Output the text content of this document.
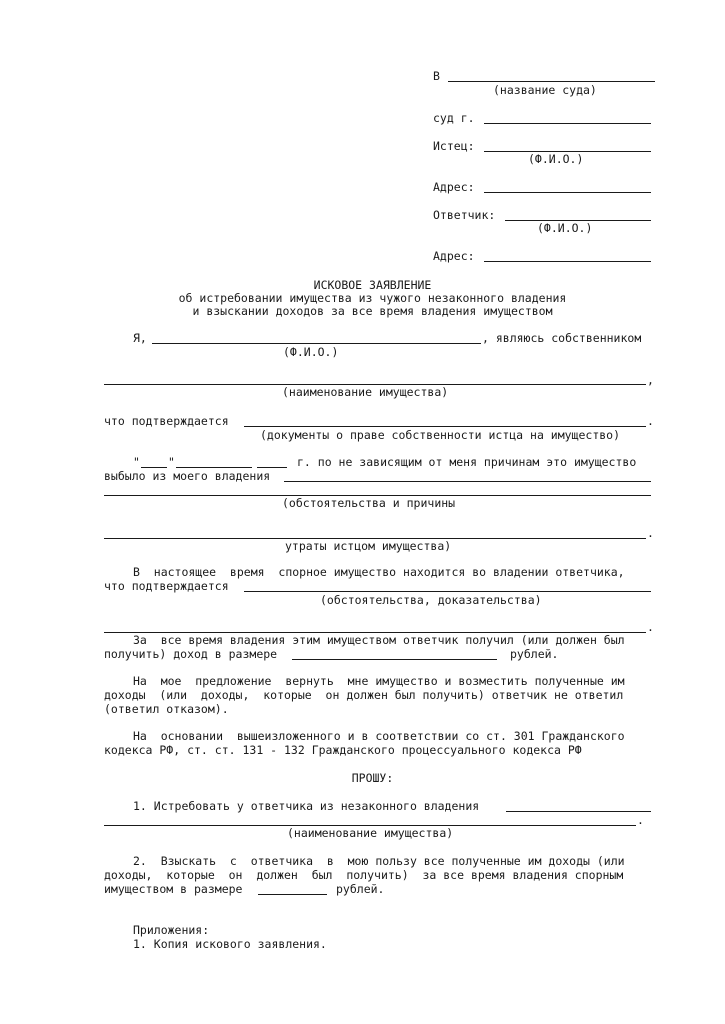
В
(название суда)
суд г.
Истец:
(Ф.И.О.)
Адрес:
Ответчик:
(Ф.И.О.)
Адрес:
ИСКОВОЕ ЗАЯВЛЕНИЕ
об истребовании имущества из чужого незаконного владения
и взыскании доходов за все время владения имуществом
Я,	, являюсь собственником
(Ф.И.О.)
,
(наименование имущества)
что подтверждается	.
(документы о праве собственности истца на имущество)
" "	г. по не зависящим от меня причинам это имущество
выбыло из моего владения
(обстоятельства и причины
.
утраты истцом имущества)
В  настоящее  время  спорное имущество находится во владении ответчика,
что подтверждается
(обстоятельства, доказательства)
.
За  все время владения этим имуществом ответчик получил (или должен был
получить) доход в размере	рублей.
На  мое  предложение  вернуть  мне имущество и возместить полученные им
доходы  (или  доходы,  которые  он должен был получить) ответчик не ответил
(ответил отказом).
На  основании  вышеизложенного и в соответствии со ст. 301 Гражданского
кодекса РФ, ст. ст. 131 - 132 Гражданского процессуального кодекса РФ
ПРОШУ:
1. Истребовать у ответчика из незаконного владения
.
(наименование имущества)
2.  Взыскать  с  ответчика  в  мою пользу все полученные им доходы (или
доходы,  которые  он  должен  был  получить)  за все время владения спорным
имуществом в размере	рублей.
Приложения:
1. Копия искового заявления.
